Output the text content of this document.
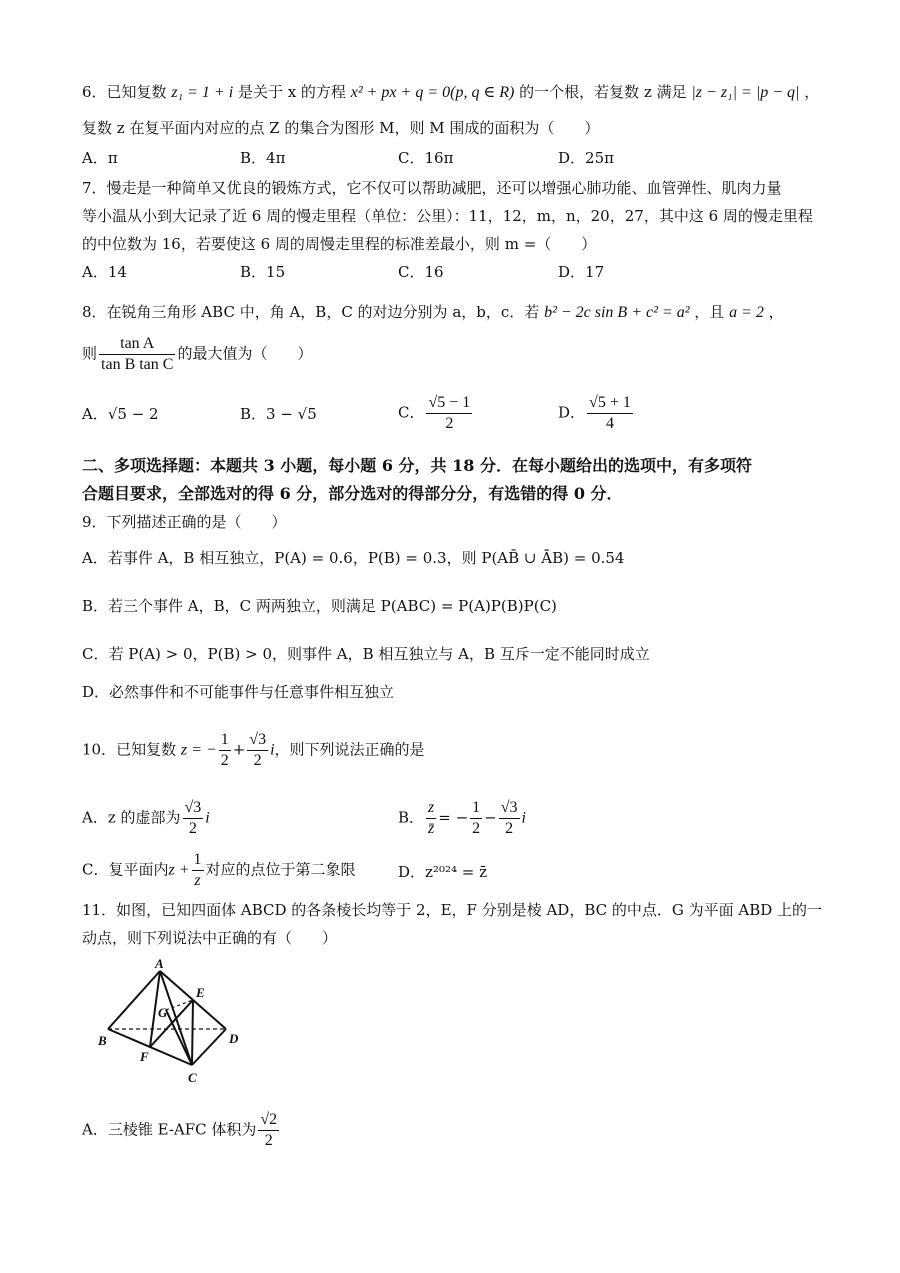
6．已知复数 z₁ = 1 + i 是关于 x 的方程 x² + px + q = 0(p, q ∈ R) 的一个根，若复数 z 满足 |z − z₁| = |p − q| ，
复数 z 在复平面内对应的点 Z 的集合为图形 M，则 M 围成的面积为（　　）
A．π	B．4π	C．16π	D．25π
7．慢走是一种简单又优良的锻炼方式，它不仅可以帮助减肥，还可以增强心肺功能、血管弹性、肌肉力量
等小温从小到大记录了近 6 周的慢走里程（单位：公里）：11，12，m，n，20，27，其中这 6 周的慢走里程
的中位数为 16，若要使这 6 周的周慢走里程的标准差最小，则 m =（　　）
A．14	B．15	C．16	D．17
8．在锐角三角形 ABC 中，角 A，B，C 的对边分别为 a，b，c．若 b² − 2c sin B + c² = a² ，且 a = 2 ，
则 $\frac{\text{tan A}}{\text{tan B tan C}}$ 的最大值为（　　）
A．√5 − 2	B．3 − √5	C． $\frac{√5 - 1}{2}$	D． $\frac{√5 + 1}{4}$
二、多项选择题：本题共 3 小题，每小题 6 分，共 18 分．在每小题给出的选项中，有多项符
合题目要求，全部选对的得 6 分，部分选对的得部分分，有选错的得 0 分．
9．下列描述正确的是（　　）
A．若事件 A，B 相互独立，P(A) = 0.6，P(B) = 0.3，则 P(AB̄ ∪ ĀB) = 0.54
B．若三个事件 A，B，C 两两独立，则满足 P(ABC) = P(A)P(B)P(C)
C．若 P(A) > 0，P(B) > 0，则事件 A，B 相互独立与 A，B 互斥一定不能同时成立
D．必然事件和不可能事件与任意事件相互独立
10．已知复数 z = − $\frac{1}{2} + \frac{√3}{2}$ i，则下列说法正确的是
A．z 的虚部为 $\frac{√3}{2}$ i	B． $\frac{z}{z̄}$ = − $\frac{1}{2} - \frac{√3}{2}$ i
C．复平面内$z + \frac{1}{z}$ 对应的点位于第二象限	D．z²⁰²⁴ = z̄
11．如图，已知四面体 ABCD 的各条棱长均等于 2，E，F 分别是棱 AD，BC 的中点．G 为平面 ABD 上的一
动点，则下列说法中正确的有（　　）
A
B
C
D
E
F
G
A．三棱锥 E-AFC 体积为 $\frac{√2}{2}$
